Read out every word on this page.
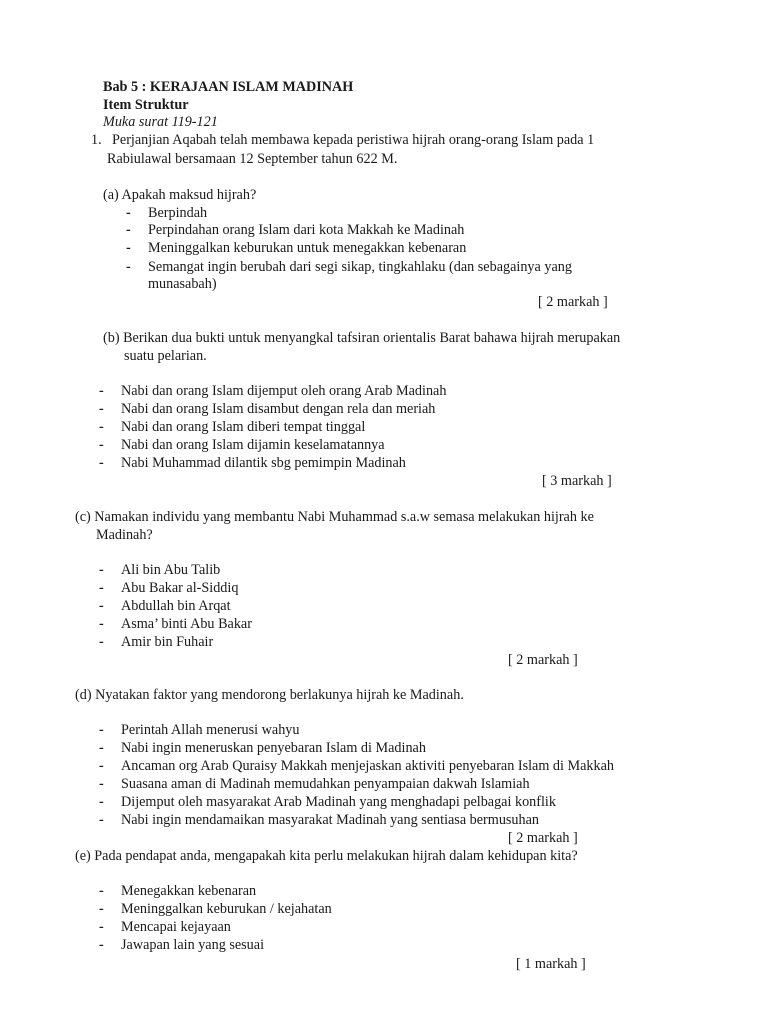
Bab 5 : KERAJAAN ISLAM MADINAH
Item Struktur
Muka surat 119-121
1. Perjanjian Aqabah telah membawa kepada peristiwa hijrah orang-orang Islam pada 1
Rabiulawal bersamaan 12 September tahun 622 M.
(a) Apakah maksud hijrah?
- Berpindah
- Perpindahan orang Islam dari kota Makkah ke Madinah
- Meninggalkan keburukan untuk menegakkan kebenaran
- Semangat ingin berubah dari segi sikap, tingkahlaku (dan sebagainya yang
munasabah)
[ 2 markah ]
(b) Berikan dua bukti untuk menyangkal tafsiran orientalis Barat bahawa hijrah merupakan
suatu pelarian.
- Nabi dan orang Islam dijemput oleh orang Arab Madinah
- Nabi dan orang Islam disambut dengan rela dan meriah
- Nabi dan orang Islam diberi tempat tinggal
- Nabi dan orang Islam dijamin keselamatannya
- Nabi Muhammad dilantik sbg pemimpin Madinah
[ 3 markah ]
(c) Namakan individu yang membantu Nabi Muhammad s.a.w semasa melakukan hijrah ke
Madinah?
- Ali bin Abu Talib
- Abu Bakar al-Siddiq
- Abdullah bin Arqat
- Asma’ binti Abu Bakar
- Amir bin Fuhair
[ 2 markah ]
(d) Nyatakan faktor yang mendorong berlakunya hijrah ke Madinah.
- Perintah Allah menerusi wahyu
- Nabi ingin meneruskan penyebaran Islam di Madinah
- Ancaman org Arab Quraisy Makkah menjejaskan aktiviti penyebaran Islam di Makkah
- Suasana aman di Madinah memudahkan penyampaian dakwah Islamiah
- Dijemput oleh masyarakat Arab Madinah yang menghadapi pelbagai konflik
- Nabi ingin mendamaikan masyarakat Madinah yang sentiasa bermusuhan
[ 2 markah ]
(e) Pada pendapat anda, mengapakah kita perlu melakukan hijrah dalam kehidupan kita?
- Menegakkan kebenaran
- Meninggalkan keburukan / kejahatan
- Mencapai kejayaan
- Jawapan lain yang sesuai
[ 1 markah ]
